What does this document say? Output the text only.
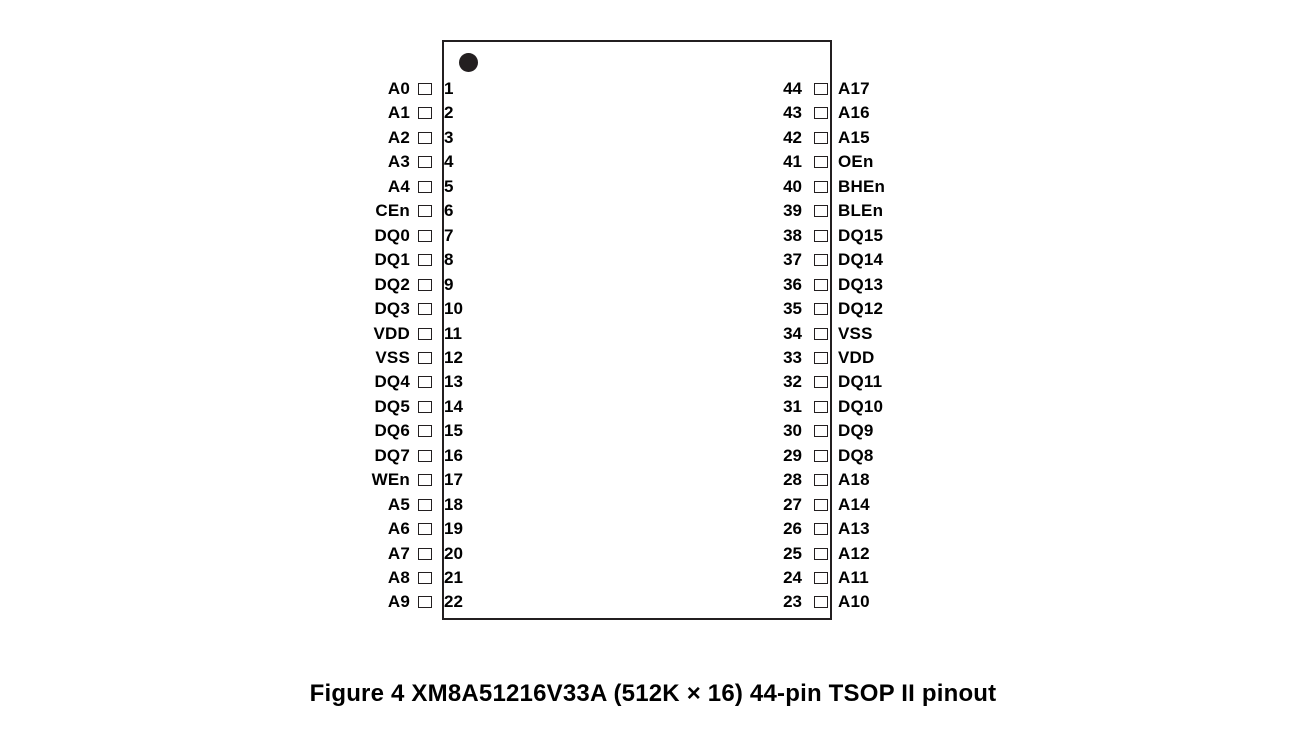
Figure 4 XM8A51216V33A (512K × 16) 44-pin TSOP II pinout
A0	1
A1	2
A2	3
A3	4
A4	5
CEn	6
DQ0	7
DQ1	8
DQ2	9
DQ3	10
VDD	11
VSS	12
DQ4	13
DQ5	14
DQ6	15
DQ7	16
WEn	17
A5	18
A6	19
A7	20
A8	21
A9	22
44	A17
43	A16
42	A15
41	OEn
40	BHEn
39	BLEn
38	DQ15
37	DQ14
36	DQ13
35	DQ12
34	VSS
33	VDD
32	DQ11
31	DQ10
30	DQ9
29	DQ8
28	A18
27	A14
26	A13
25	A12
24	A11
23	A10
